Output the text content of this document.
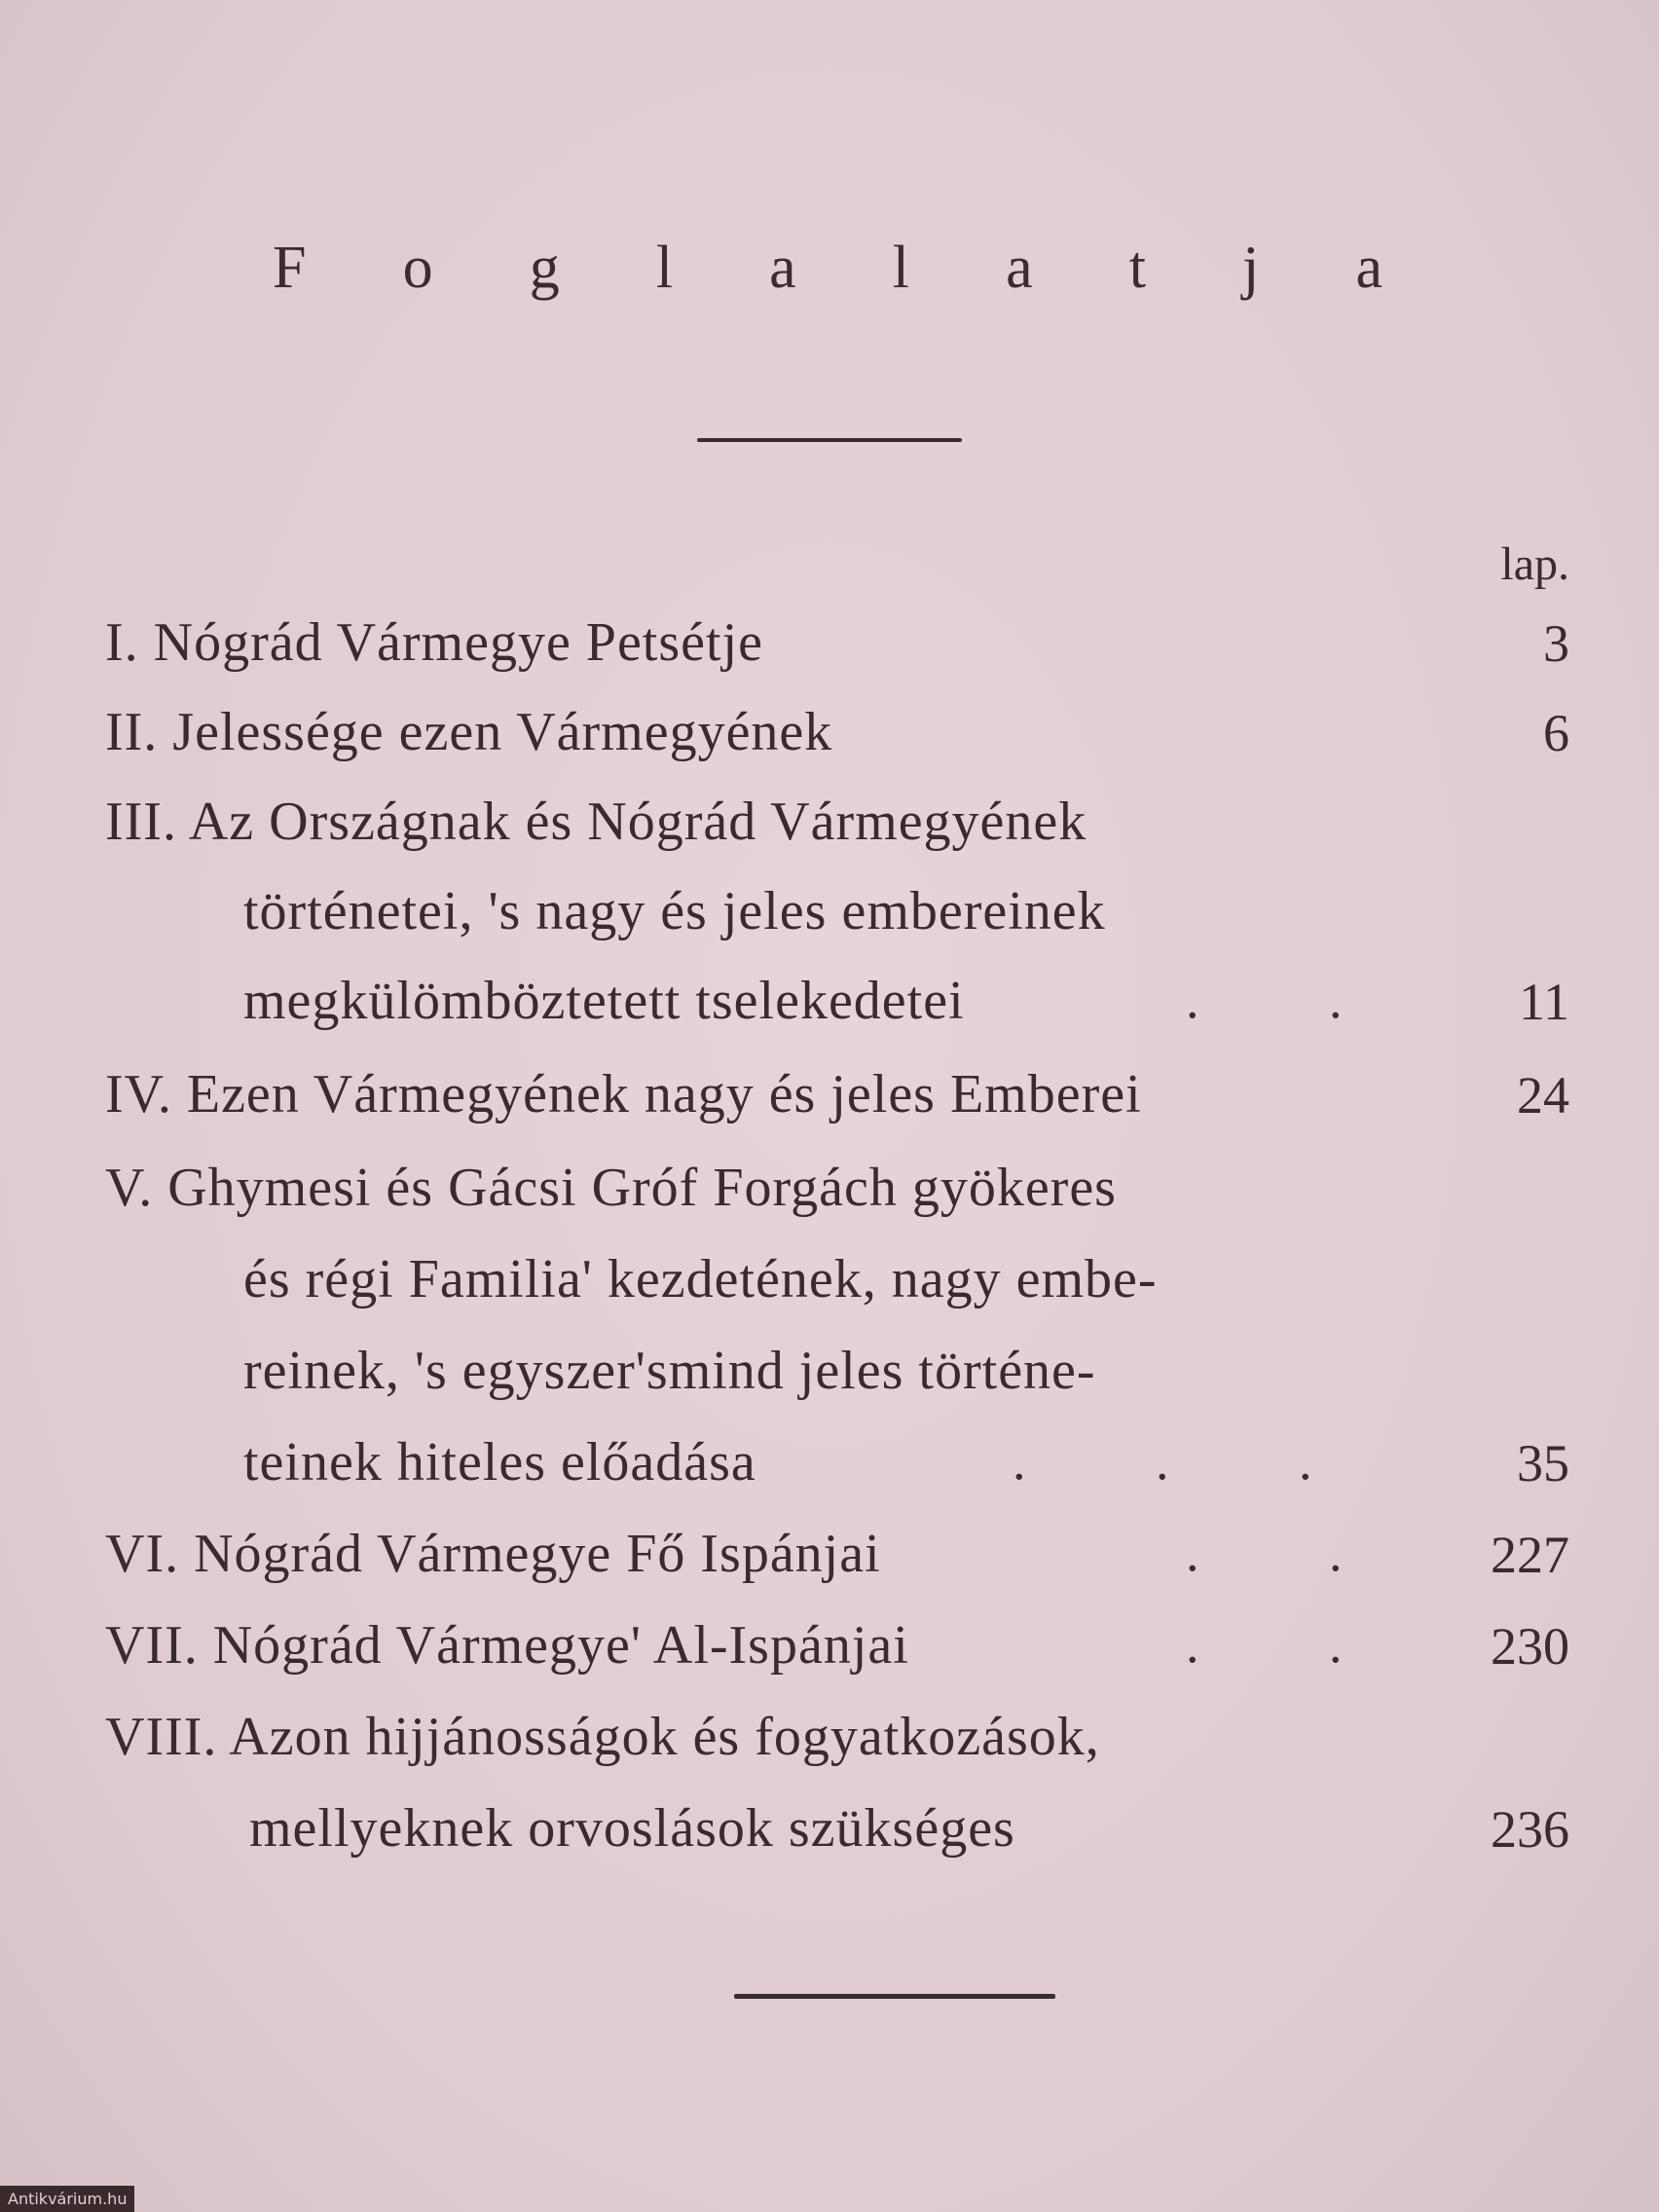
F o g l a l a t j a
lap.
I. Nógrád Vármegye Petsétje	3
II. Jelessége ezen Vármegyének	6
III. Az Országnak és Nógrád Vármegyének
történetei, 's nagy és jeles embereinek
megkülömböztetett tselekedetei	. . 11
IV. Ezen Vármegyének nagy és jeles Emberei	24
V. Ghymesi és Gácsi Gróf Forgách gyökeres
és régi Familia' kezdetének, nagy embe-
reinek, 's egyszer'smind jeles történe-
teinek hiteles előadása	. . .	35
VI. Nógrád Vármegye Fő Ispánjai	. . 227
VII. Nógrád Vármegye' Al-Ispánjai	. . 230
VIII. Azon hijjánosságok és fogyatkozások,
mellyeknek orvoslások szükséges	236
Antikvárium.hu
